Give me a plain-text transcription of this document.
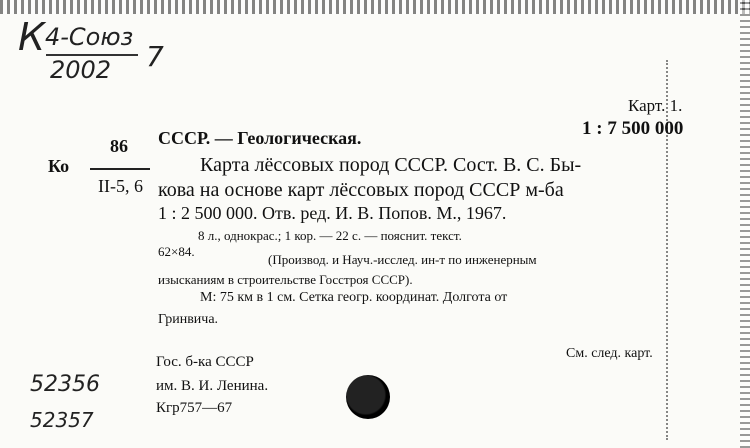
$К^{4-Союз}$
2002 7
Карт. 1.
1 : 7 500 000
86
Ко
II-5, 6
СССР. — Геологическая.
Карта лёссовых пород СССР. Сост. В. С. Бы-
кова на основе карт лёссовых пород СССР м-ба
1 : 2 500 000. Отв. ред. И. В. Попов. М., 1967.
8 л., однокрас.; 1 кор. — 22 с. — пояснит. текст.
62×84.
(Производ. и Науч.-исслед. ин-т по инженерным
изысканиям в строительстве Госстроя СССР).
М: 75 км в 1 см. Сетка геогр. координат. Долгота от
Гринвича.
См. след. карт.
Гос. б-ка СССР
им. В. И. Ленина.
Кгр757—67
52356
52357
